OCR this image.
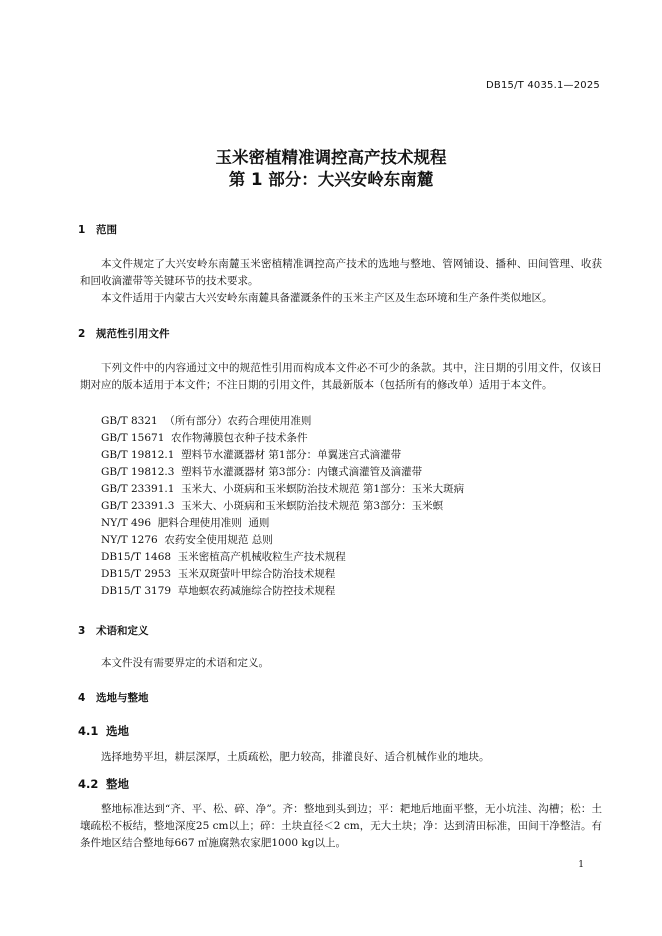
DB15/T 4035.1—2025
玉米密植精准调控高产技术规程
第 1 部分：大兴安岭东南麓
1 范围
本文件规定了大兴安岭东南麓玉米密植精准调控高产技术的选地与整地、管网铺设、播种、田间管理、收获和回收滴灌带等关键环节的技术要求。
本文件适用于内蒙古大兴安岭东南麓具备灌溉条件的玉米主产区及生态环境和生产条件类似地区。
2 规范性引用文件
下列文件中的内容通过文中的规范性引用而构成本文件必不可少的条款。其中，注日期的引用文件，仅该日期对应的版本适用于本文件；不注日期的引用文件，其最新版本（包括所有的修改单）适用于本文件。
GB/T 8321  （所有部分）农药合理使用准则
GB/T 15671  农作物薄膜包衣种子技术条件
GB/T 19812.1  塑料节水灌溉器材 第1部分：单翼迷宫式滴灌带
GB/T 19812.3  塑料节水灌溉器材 第3部分：内镶式滴灌管及滴灌带
GB/T 23391.1  玉米大、小斑病和玉米螟防治技术规范 第1部分：玉米大斑病
GB/T 23391.3  玉米大、小斑病和玉米螟防治技术规范 第3部分：玉米螟
NY/T 496  肥料合理使用准则  通则
NY/T 1276  农药安全使用规范 总则
DB15/T 1468  玉米密植高产机械收粒生产技术规程
DB15/T 2953  玉米双斑萤叶甲综合防治技术规程
DB15/T 3179  草地螟农药减施综合防控技术规程
3 术语和定义
本文件没有需要界定的术语和定义。
4 选地与整地
4.1 选地
选择地势平坦，耕层深厚，土质疏松，肥力较高，排灌良好、适合机械作业的地块。
4.2 整地
整地标准达到“齐、平、松、碎、净”。齐：整地到头到边；平：耙地后地面平整，无小坑洼、沟槽；松：土壤疏松不板结，整地深度25 cm以上；碎：土块直径＜2 cm，无大土块；净：达到清田标准，田间干净整洁。有条件地区结合整地每667 ㎡施腐熟农家肥1000 kg以上。
1
